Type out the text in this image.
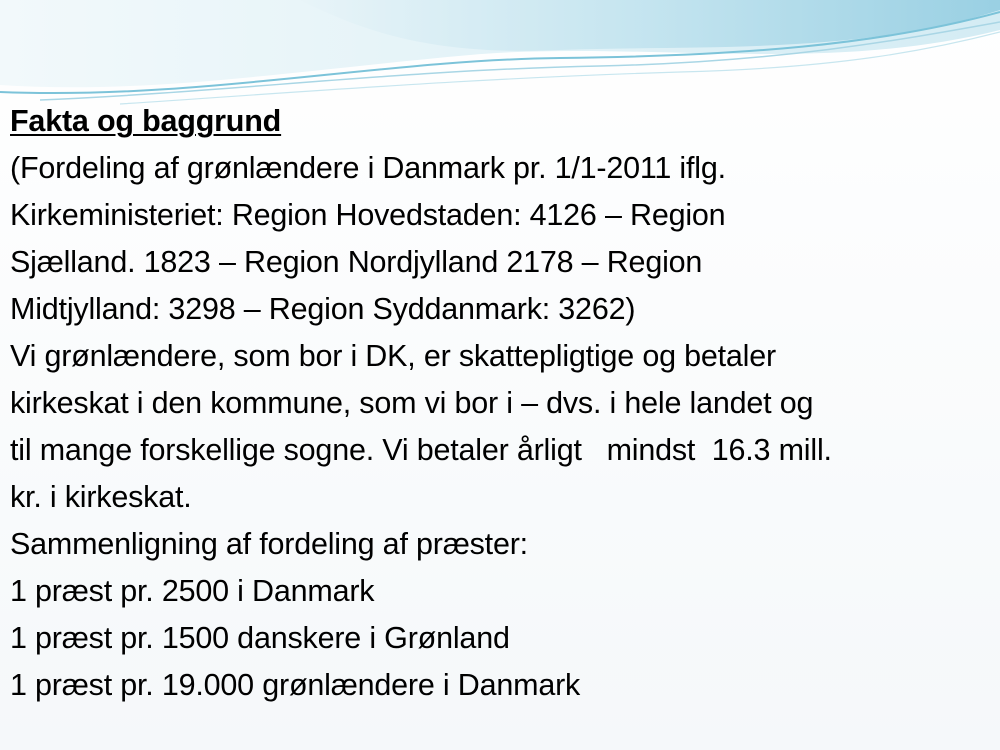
Fakta og baggrund
(Fordeling af grønlændere i Danmark pr. 1/1-2011 iflg.
Kirkeministeriet: Region Hovedstaden: 4126 – Region
Sjælland. 1823 – Region Nordjylland 2178 – Region
Midtjylland: 3298 – Region Syddanmark: 3262)
Vi grønlændere, som bor i DK, er skattepligtige og betaler
kirkeskat i den kommune, som vi bor i – dvs. i hele landet og
til mange forskellige sogne. Vi betaler årligt   mindst  16.3 mill.
kr. i kirkeskat.
Sammenligning af fordeling af præster:
1 præst pr. 2500 i Danmark
1 præst pr. 1500 danskere i Grønland
1 præst pr. 19.000 grønlændere i Danmark
